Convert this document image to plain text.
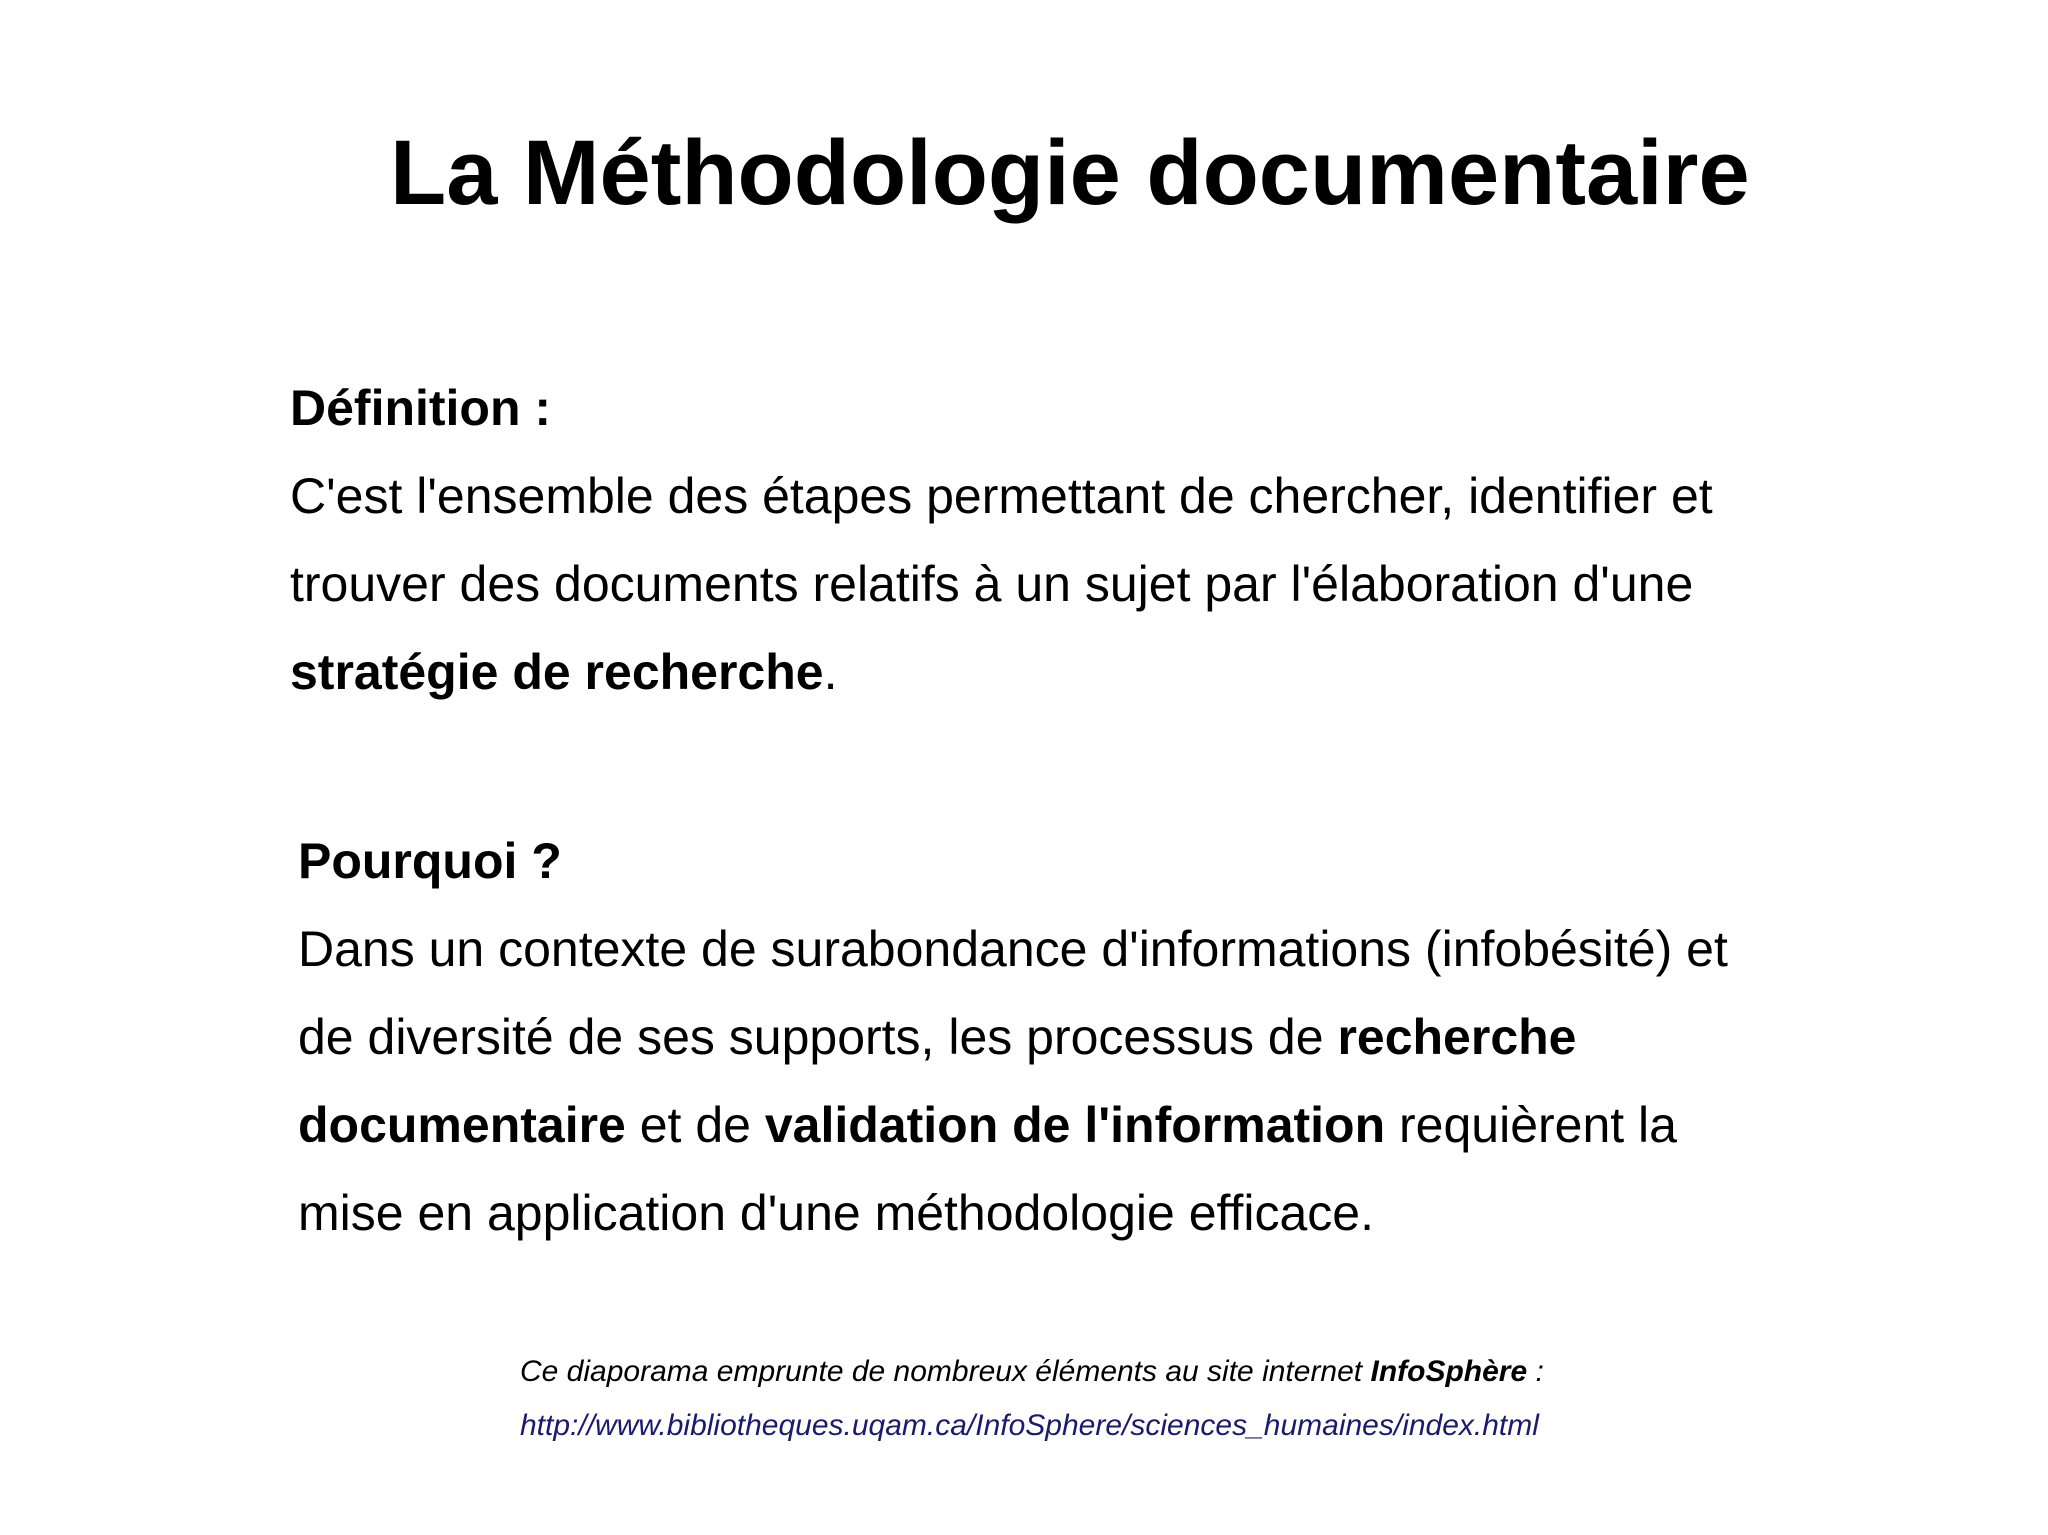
La Méthodologie documentaire

Définition :

C'est l'ensemble des étapes permettant de chercher, identifier et

trouver des documents relatifs à un sujet par l'élaboration d'une

stratégie de recherche.

Pourquoi ?

Dans un contexte de surabondance d'informations (infobésité) et

de diversité de ses supports, les processus de recherche

documentaire et de validation de l'information requièrent la

mise en application d'une méthodologie efficace.

Ce diaporama emprunte de nombreux éléments au site internet InfoSphère :

http://www.bibliotheques.uqam.ca/InfoSphere/sciences_humaines/index.html
